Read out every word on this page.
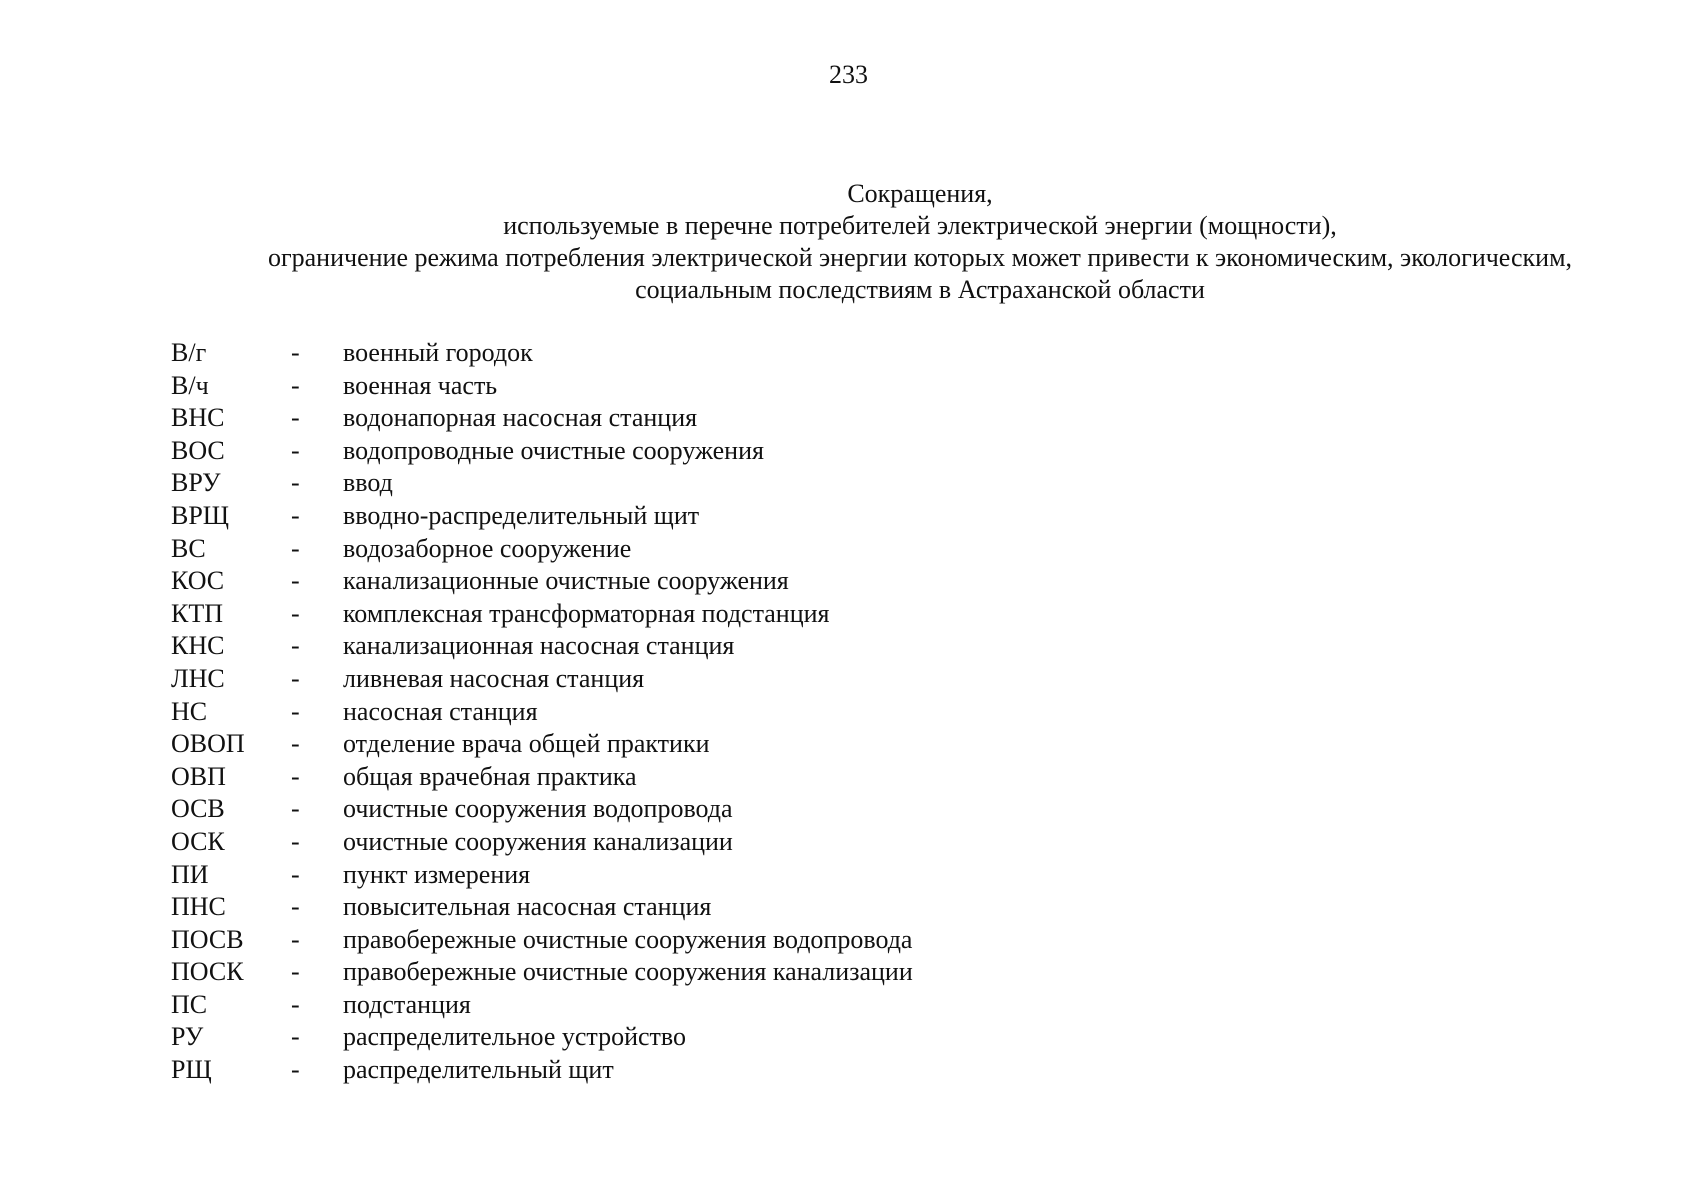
233
Сокращения,
используемые в перечне потребителей электрической энергии (мощности),
ограничение режима потребления электрической энергии которых может привести к экономическим, экологическим,
социальным последствиям в Астраханской области
В/г	-	военный городок
В/ч	-	военная часть
ВНС	-	водонапорная насосная станция
ВОС	-	водопроводные очистные сооружения
ВРУ	-	ввод
ВРЩ	-	вводно-распределительный щит
ВС	-	водозаборное сооружение
КОС	-	канализационные очистные сооружения
КТП	-	комплексная трансформаторная подстанция
КНС	-	канализационная насосная станция
ЛНС	-	ливневая насосная станция
НС	-	насосная станция
ОВОП	-	отделение врача общей практики
ОВП	-	общая врачебная практика
ОСВ	-	очистные сооружения водопровода
ОСК	-	очистные сооружения канализации
ПИ	-	пункт измерения
ПНС	-	повысительная насосная станция
ПОСВ	-	правобережные очистные сооружения водопровода
ПОСК	-	правобережные очистные сооружения канализации
ПС	-	подстанция
РУ	-	распределительное устройство
РЩ	-	распределительный щит
